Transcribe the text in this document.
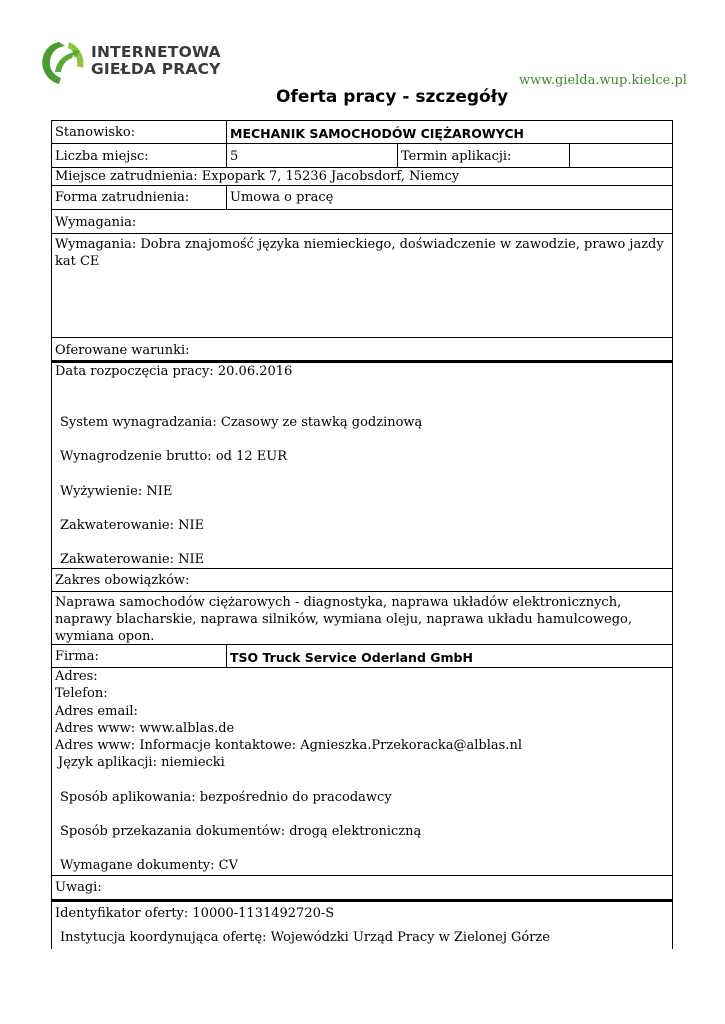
INTERNETOWA
GIEŁDA PRACY
www.gielda.wup.kielce.pl
Oferta pracy - szczegóły
Stanowisko:	MECHANIK SAMOCHODÓW CIĘŻAROWYCH
Liczba miejsc:	5	Termin aplikacji:
Miejsce zatrudnienia: Expopark 7, 15236 Jacobsdorf, Niemcy
Forma zatrudnienia:	Umowa o pracę
Wymagania:
Wymagania: Dobra znajomość języka niemieckiego, doświadczenie w zawodzie, prawo jazdy kat CE
Oferowane warunki:
Data rozpoczęcia pracy: 20.06.2016
System wynagradzania: Czasowy ze stawką godzinową
Wynagrodzenie brutto: od 12 EUR
Wyżywienie: NIE
Zakwaterowanie: NIE
Zakwaterowanie: NIE
Zakres obowiązków:
Naprawa samochodów ciężarowych - diagnostyka, naprawa układów elektronicznych, naprawy blacharskie, naprawa silników, wymiana oleju, naprawa układu hamulcowego, wymiana opon.
Firma:	TSO Truck Service Oderland GmbH
Adres:
Telefon:
Adres email:
Adres www: www.alblas.de
Adres www: Informacje kontaktowe: Agnieszka.Przekoracka@alblas.nl
Język aplikacji: niemiecki
Sposób aplikowania: bezpośrednio do pracodawcy
Sposób przekazania dokumentów: drogą elektroniczną
Wymagane dokumenty: CV
Uwagi:
Identyfikator oferty: 10000-1131492720-S
Instytucja koordynująca ofertę: Wojewódzki Urząd Pracy w Zielonej Górze
